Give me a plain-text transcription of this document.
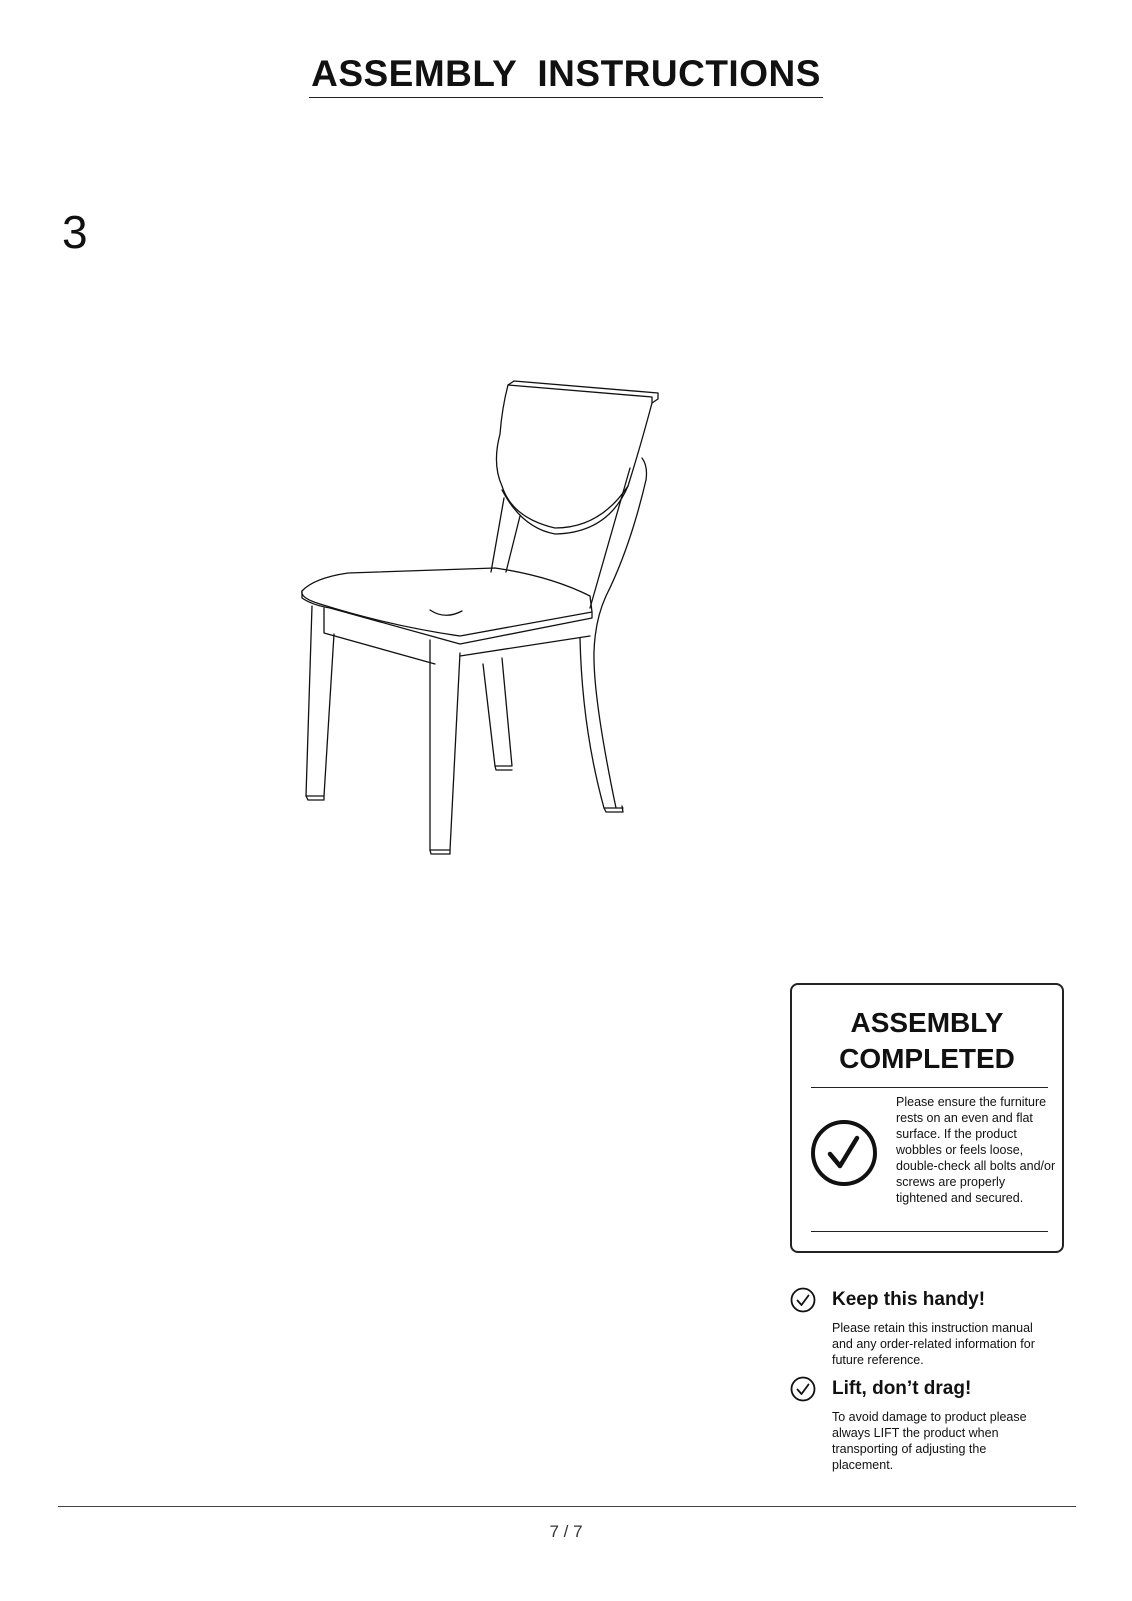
ASSEMBLY INSTRUCTIONS
3
ASSEMBLY
COMPLETED

Please ensure the furniture rests on an even and flat surface. If the product wobbles or feels loose, double-check all bolts and/or screws are properly tightened and secured.

Keep this handy!

Please retain this instruction manual and any order-related information for future reference.

Lift, don’t drag!

To avoid damage to product please always LIFT the product when transporting of adjusting the placement.

7 / 7
